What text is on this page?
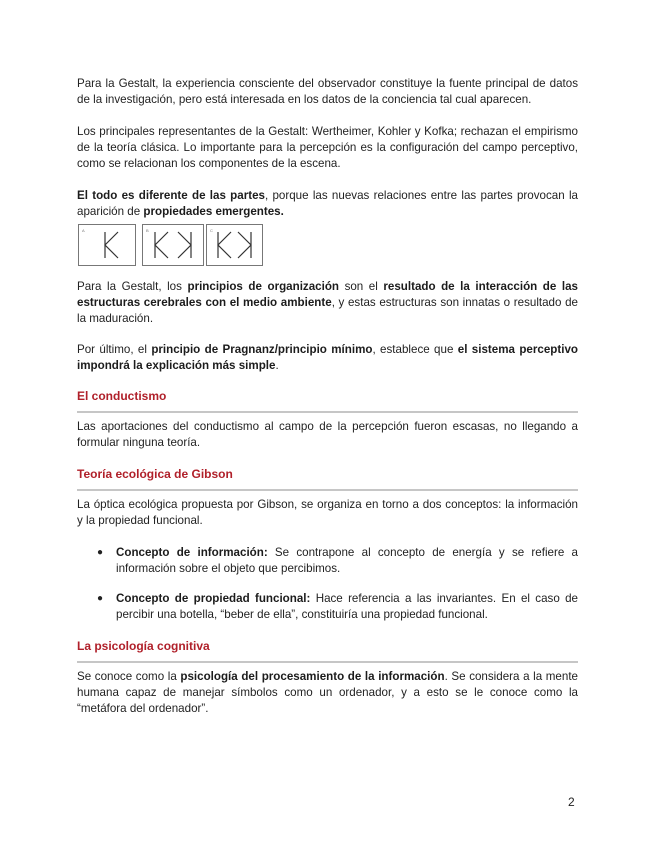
Para la Gestalt, la experiencia consciente del observador constituye la fuente principal de datos de la investigación, pero está interesada en los datos de la conciencia tal cual aparecen.

Los principales representantes de la Gestalt: Wertheimer, Kohler y Kofka; rechazan el empirismo de la teoría clásica. Lo importante para la percepción es la configuración del campo perceptivo, como se relacionan los componentes de la escena.

El todo es diferente de las partes, porque las nuevas relaciones entre las partes provocan la aparición de propiedades emergentes.

A	B	C

Para la Gestalt, los principios de organización son el resultado de la interacción de las estructuras cerebrales con el medio ambiente, y estas estructuras son innatas o resultado de la maduración.

Por último, el principio de Pragnanz/principio mínimo, establece que el sistema perceptivo impondrá la explicación más simple.

El conductismo

Las aportaciones del conductismo al campo de la percepción fueron escasas, no llegando a formular ninguna teoría.

Teoría ecológica de Gibson

La óptica ecológica propuesta por Gibson, se organiza en torno a dos conceptos: la información y la propiedad funcional.

● Concepto de información: Se contrapone al concepto de energía y se refiere a información sobre el objeto que percibimos.

● Concepto de propiedad funcional: Hace referencia a las invariantes. En el caso de percibir una botella, “beber de ella”, constituiría una propiedad funcional.

La psicología cognitiva

Se conoce como la psicología del procesamiento de la información. Se considera a la mente humana capaz de manejar símbolos como un ordenador, y a esto se le conoce como la “metáfora del ordenador”.

2
